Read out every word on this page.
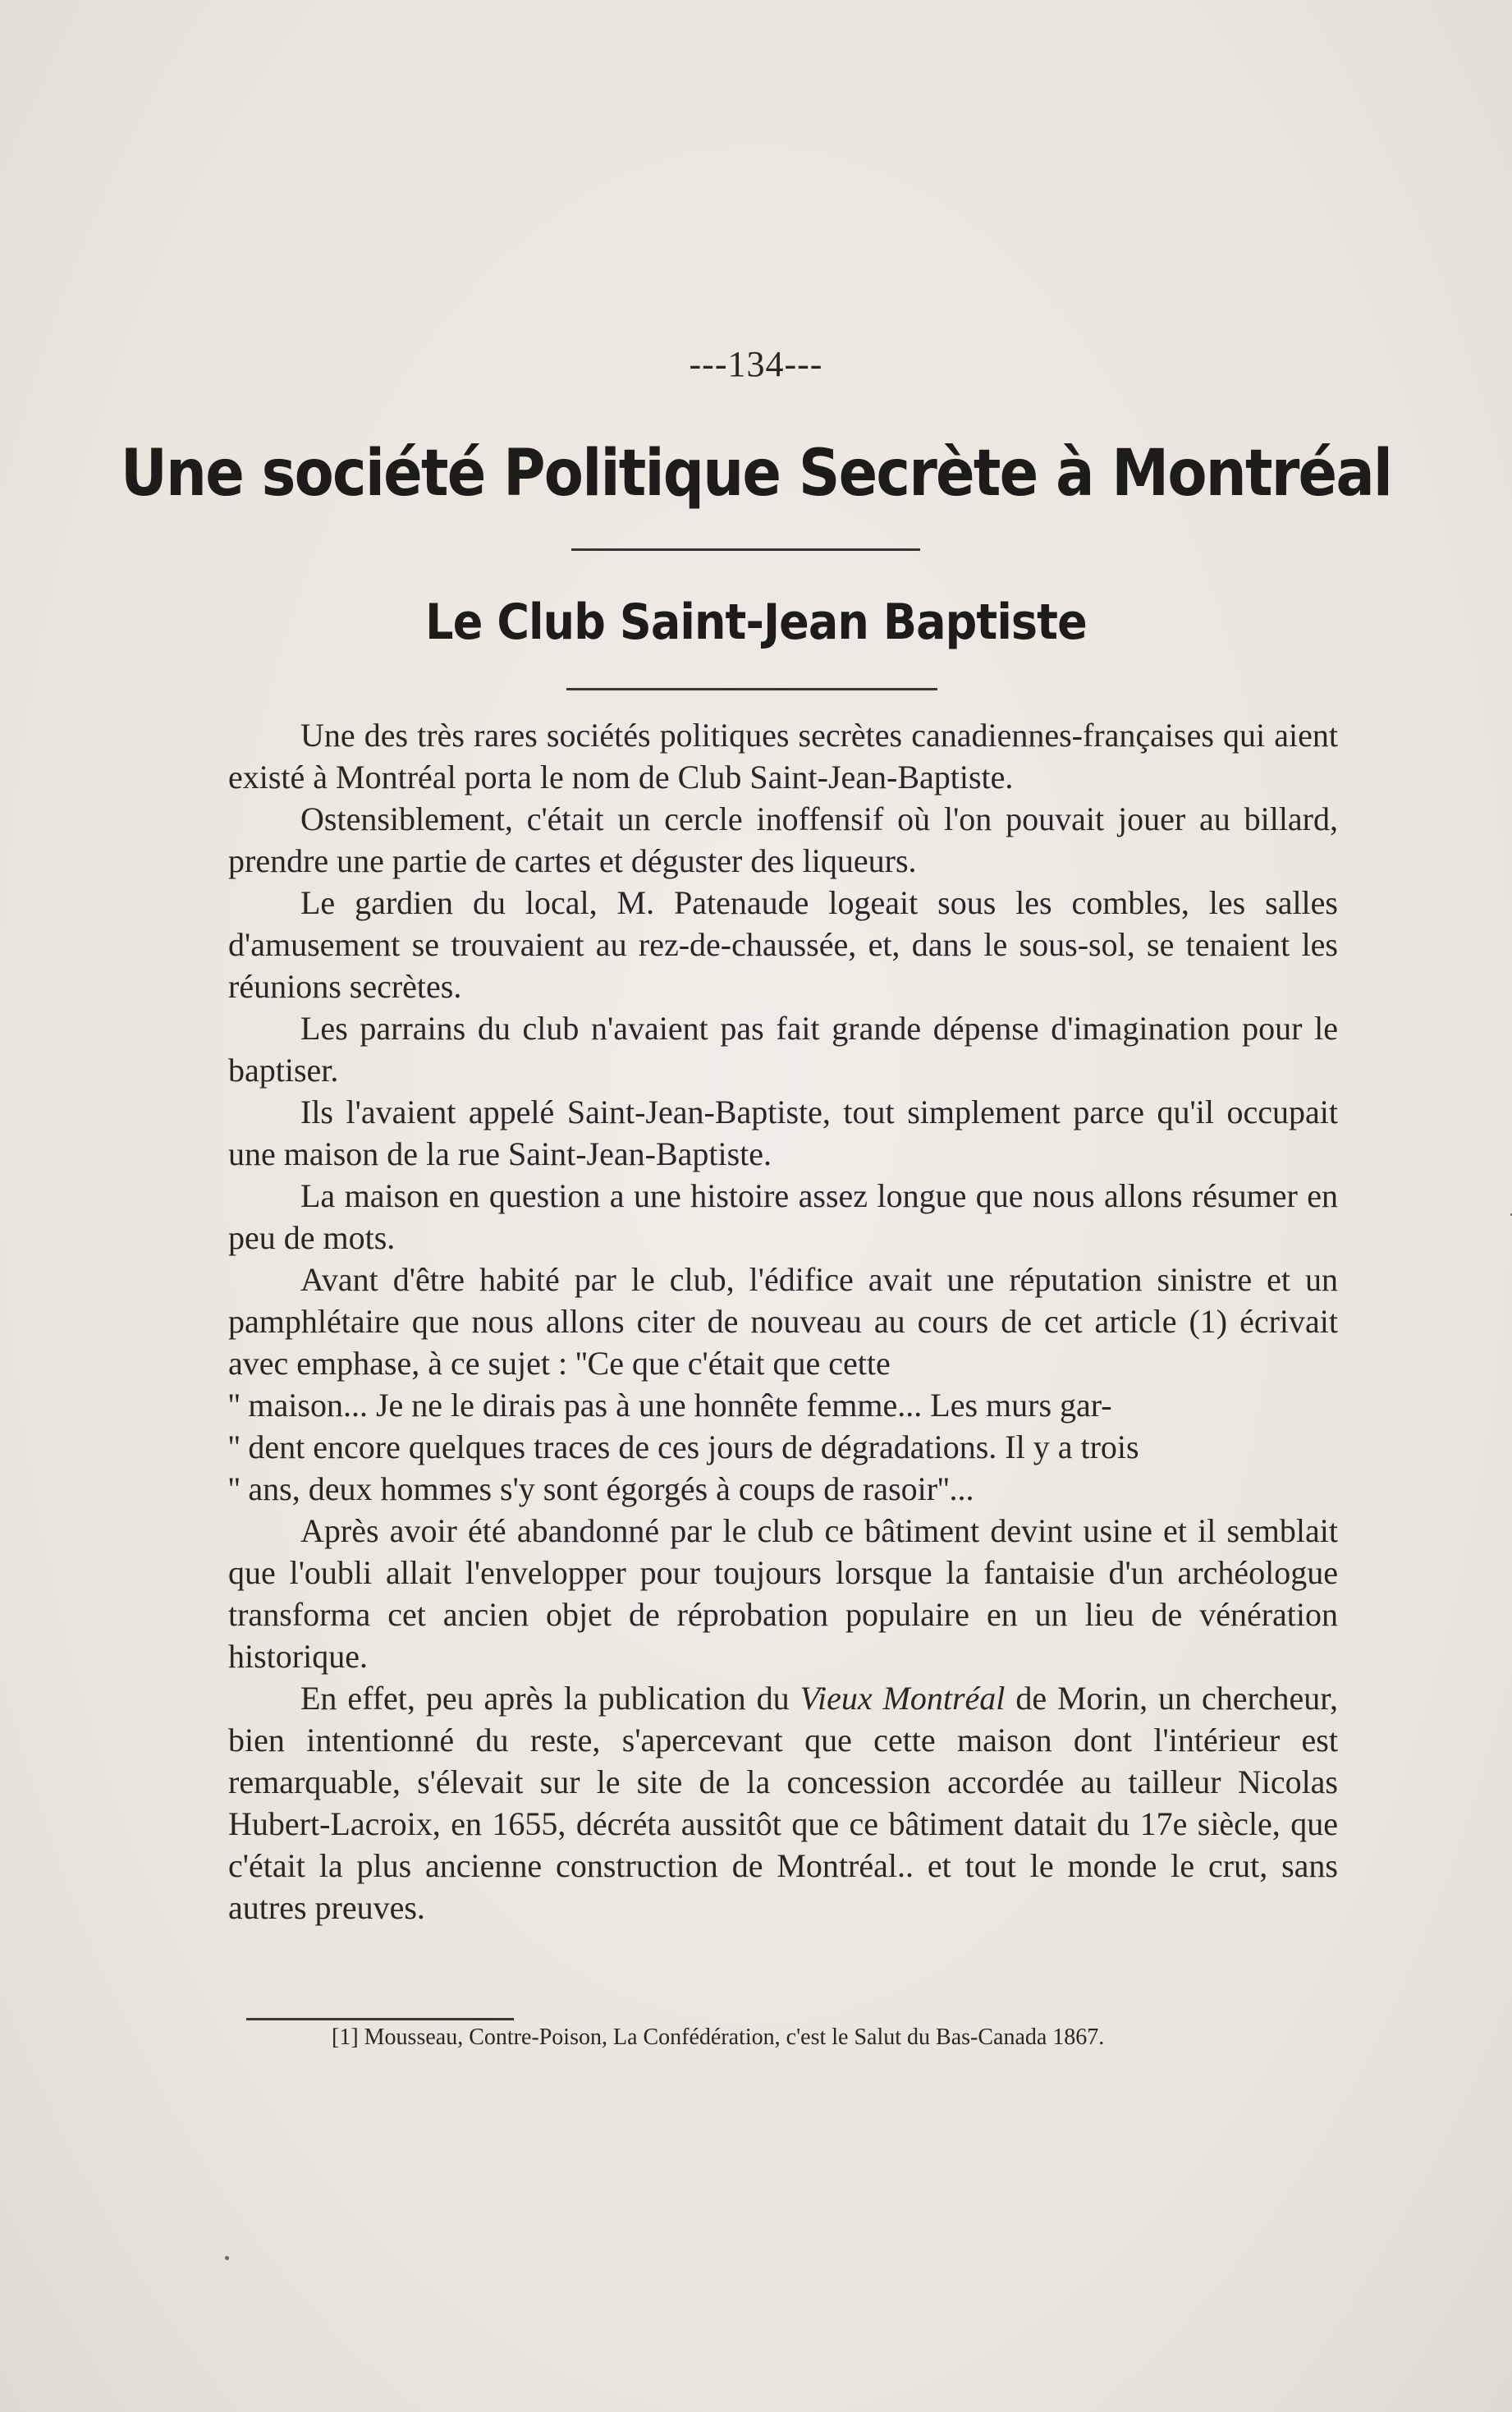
---134---
Une société Politique Secrète à Montréal
Le Club Saint-Jean Baptiste

Une des très rares sociétés politiques secrètes canadiennes-françaises qui aient existé à Montréal porta le nom de Club Saint-Jean-Baptiste.

Ostensiblement, c'était un cercle inoffensif où l'on pouvait jouer au billard, prendre une partie de cartes et déguster des liqueurs.

Le gardien du local, M. Patenaude logeait sous les combles, les salles d'amusement se trouvaient au rez-de-chaussée, et, dans le sous-sol, se tenaient les réunions secrètes.

Les parrains du club n'avaient pas fait grande dépense d'imagination pour le baptiser.

Ils l'avaient appelé Saint-Jean-Baptiste, tout simplement parce qu'il occupait une maison de la rue Saint-Jean-Baptiste.

La maison en question a une histoire assez longue que nous allons résumer en peu de mots.

Avant d'être habité par le club, l'édifice avait une réputation sinistre et un pamphlétaire que nous allons citer de nouveau au cours de cet article (1) écrivait avec emphase, à ce sujet : ''Ce que c'était que cette

'' maison... Je ne le dirais pas à une honnête femme... Les murs gar-

'' dent encore quelques traces de ces jours de dégradations. Il y a trois

'' ans, deux hommes s'y sont égorgés à coups de rasoir''...

Après avoir été abandonné par le club ce bâtiment devint usine et il semblait que l'oubli allait l'envelopper pour toujours lorsque la fantaisie d'un archéologue transforma cet ancien objet de réprobation populaire en un lieu de vénération historique.

En effet, peu après la publication du Vieux Montréal de Morin, un chercheur, bien intentionné du reste, s'apercevant que cette maison dont l'intérieur est remarquable, s'élevait sur le site de la concession accordée au tailleur Nicolas Hubert-Lacroix, en 1655, décréta aussitôt que ce bâtiment datait du 17e siècle, que c'était la plus ancienne construction de Montréal.. et tout le monde le crut, sans autres preuves.

[1] Mousseau, Contre-Poison, La Confédération, c'est le Salut du Bas-Canada 1867.
